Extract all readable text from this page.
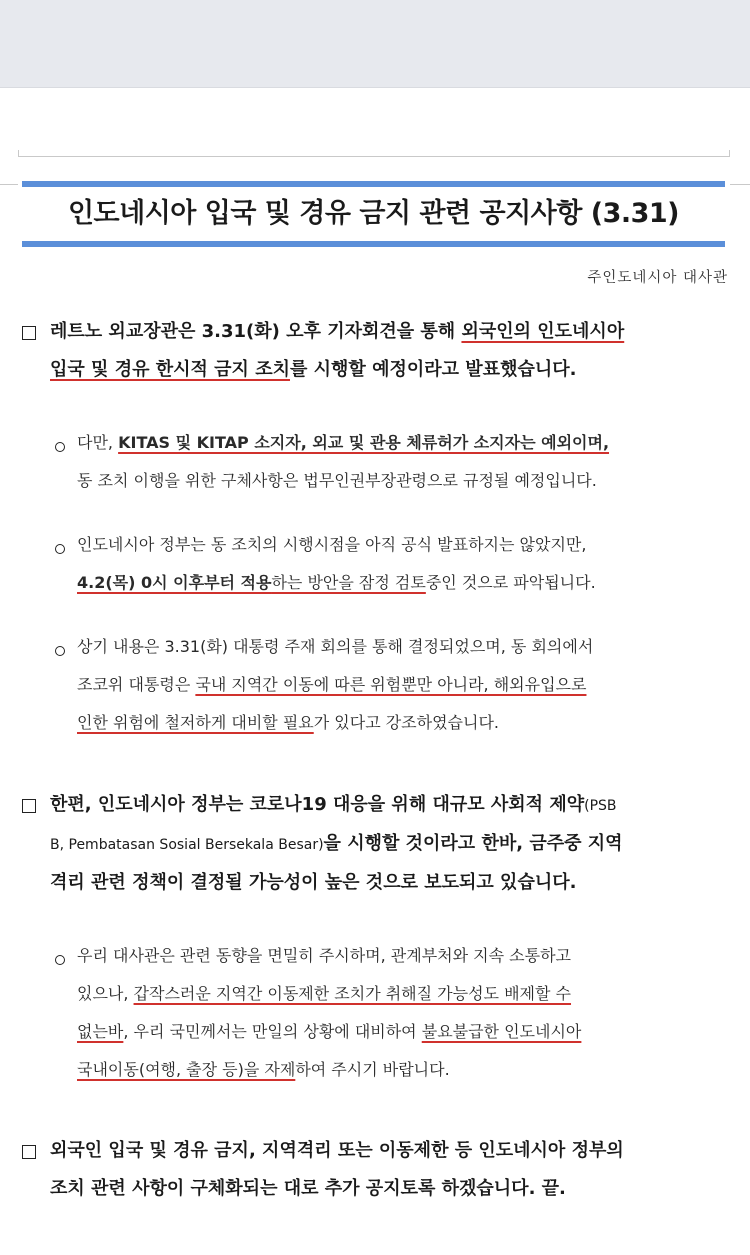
인도네시아 입국 및 경유 금지 관련 공지사항 (3.31)
주인도네시아 대사관
레트노 외교장관은 3.31(화) 오후 기자회견을 통해 외국인의 인도네시아
입국 및 경유 한시적 금지 조치를 시행할 예정이라고 발표했습니다.
다만, KITAS 및 KITAP 소지자, 외교 및 관용 체류허가 소지자는 예외이며,
동 조치 이행을 위한 구체사항은 법무인권부장관령으로 규정될 예정입니다.
인도네시아 정부는 동 조치의 시행시점을 아직 공식 발표하지는 않았지만,
4.2(목) 0시 이후부터 적용하는 방안을 잠정 검토중인 것으로 파악됩니다.
상기 내용은 3.31(화) 대통령 주재 회의를 통해 결정되었으며, 동 회의에서
조코위 대통령은 국내 지역간 이동에 따른 위험뿐만 아니라, 해외유입으로
인한 위험에 철저하게 대비할 필요가 있다고 강조하였습니다.
한편, 인도네시아 정부는 코로나19 대응을 위해 대규모 사회적 제약(PSB
B, Pembatasan Sosial Bersekala Besar)을 시행할 것이라고 한바, 금주중 지역
격리 관련 정책이 결정될 가능성이 높은 것으로 보도되고 있습니다.
우리 대사관은 관련 동향을 면밀히 주시하며, 관계부처와 지속 소통하고
있으나, 갑작스러운 지역간 이동제한 조치가 취해질 가능성도 배제할 수
없는바, 우리 국민께서는 만일의 상황에 대비하여 불요불급한 인도네시아
국내이동(여행, 출장 등)을 자제하여 주시기 바랍니다.
외국인 입국 및 경유 금지, 지역격리 또는 이동제한 등 인도네시아 정부의
조치 관련 사항이 구체화되는 대로 추가 공지토록 하겠습니다. 끝.
